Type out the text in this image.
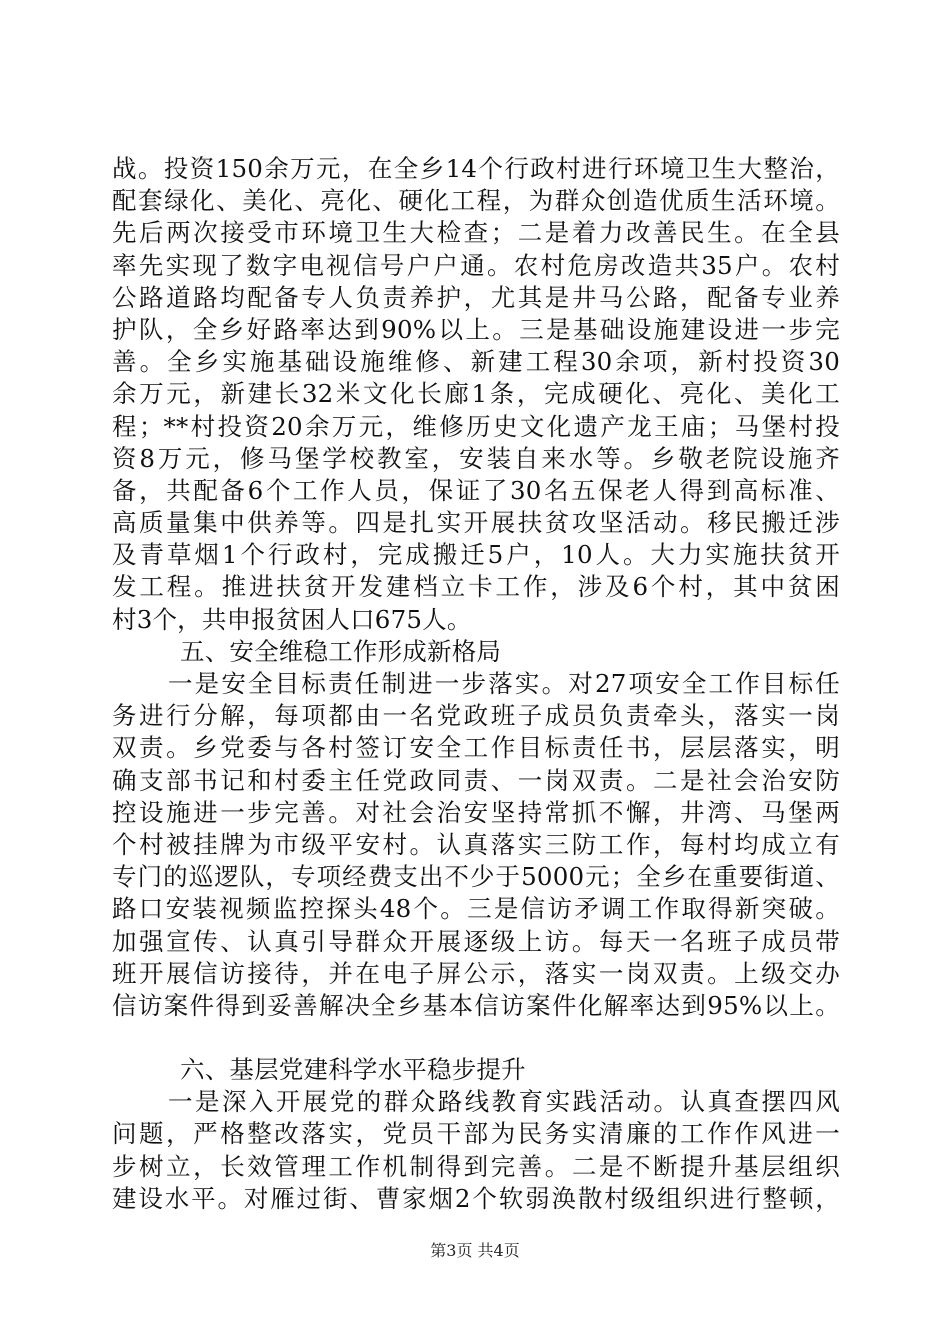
战。投资150余万元，在全乡14个行政村进行环境卫生大整治，
配套绿化、美化、亮化、硬化工程，为群众创造优质生活环境。
先后两次接受市环境卫生大检查；二是着力改善民生。在全县
率先实现了数字电视信号户户通。农村危房改造共35户。农村
公路道路均配备专人负责养护，尤其是井马公路，配备专业养
护队，全乡好路率达到90%以上。三是基础设施建设进一步完
善。全乡实施基础设施维修、新建工程30余项，新村投资30
余万元，新建长32米文化长廊1条，完成硬化、亮化、美化工
程；**村投资20余万元，维修历史文化遗产龙王庙；马堡村投
资8万元，修马堡学校教室，安装自来水等。乡敬老院设施齐
备，共配备6个工作人员，保证了30名五保老人得到高标准、
高质量集中供养等。四是扎实开展扶贫攻坚活动。移民搬迁涉
及青草烟1个行政村，完成搬迁5户，10人。大力实施扶贫开
发工程。推进扶贫开发建档立卡工作，涉及6个村，其中贫困
村3个，共申报贫困人口675人。
五、安全维稳工作形成新格局
一是安全目标责任制进一步落实。对27项安全工作目标任
务进行分解，每项都由一名党政班子成员负责牵头，落实一岗
双责。乡党委与各村签订安全工作目标责任书，层层落实，明
确支部书记和村委主任党政同责、一岗双责。二是社会治安防
控设施进一步完善。对社会治安坚持常抓不懈，井湾、马堡两
个村被挂牌为市级平安村。认真落实三防工作，每村均成立有
专门的巡逻队，专项经费支出不少于5000元；全乡在重要街道、
路口安装视频监控探头48个。三是信访矛调工作取得新突破。
加强宣传、认真引导群众开展逐级上访。每天一名班子成员带
班开展信访接待，并在电子屏公示，落实一岗双责。上级交办
信访案件得到妥善解决全乡基本信访案件化解率达到95%以上。
六、基层党建科学水平稳步提升
一是深入开展党的群众路线教育实践活动。认真查摆四风
问题，严格整改落实，党员干部为民务实清廉的工作作风进一
步树立，长效管理工作机制得到完善。二是不断提升基层组织
建设水平。对雁过街、曹家烟2个软弱涣散村级组织进行整顿，
第3页 共4页
